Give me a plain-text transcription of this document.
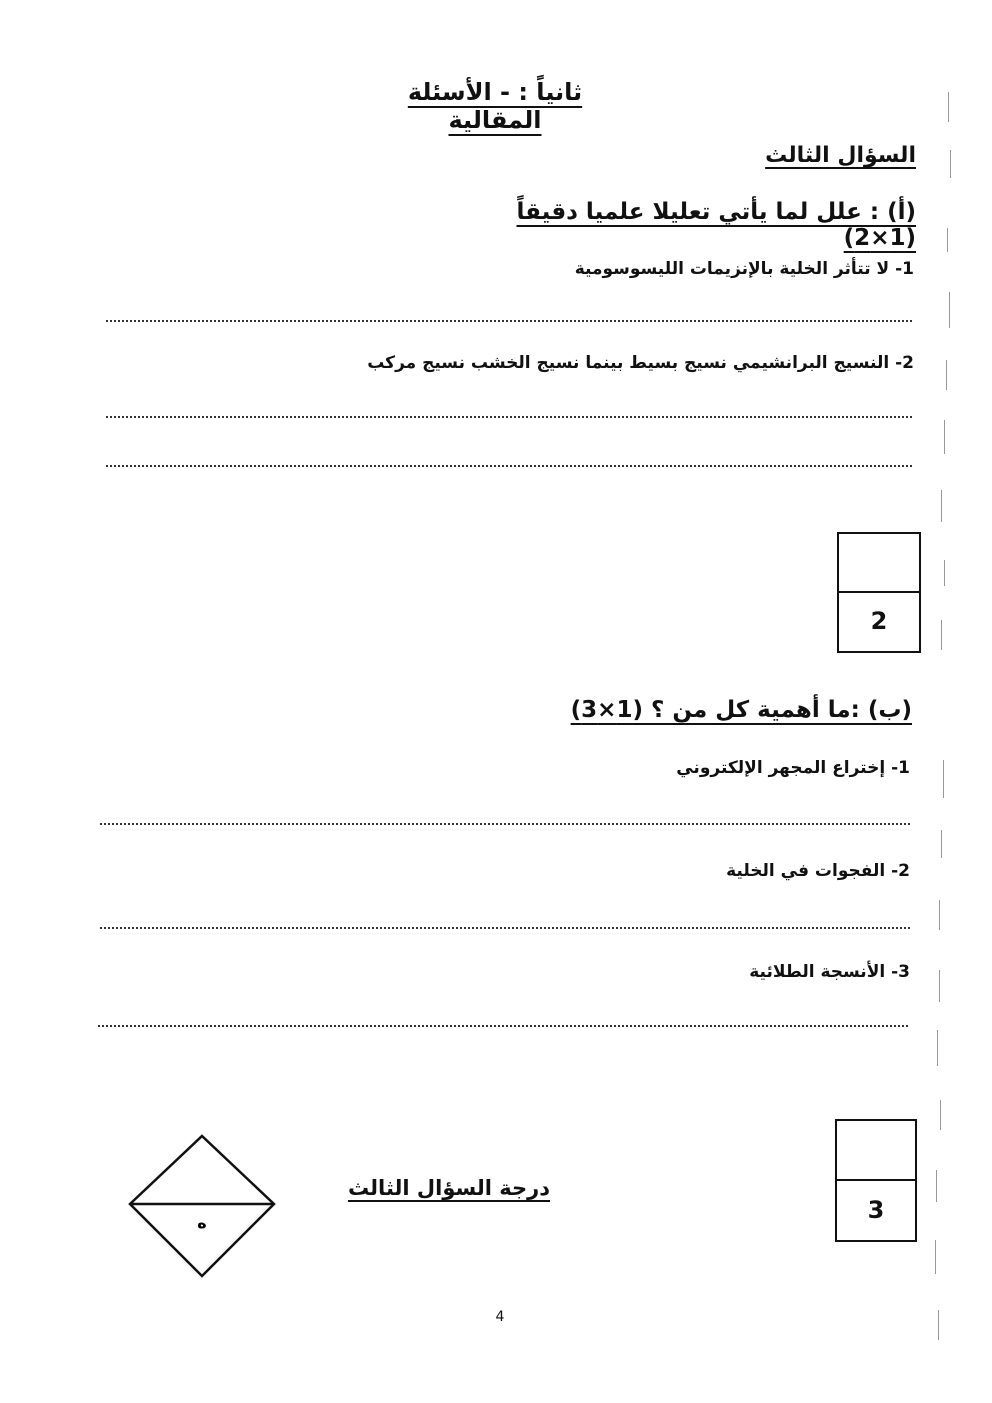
ثانياً : - الأسئلة المقالية
السؤال الثالث
(أ) : علل لما يأتي تعليلا علميا دقيقاً (1×2)
1- لا تتأثر الخلية بالإنزيمات الليسوسومية
2- النسيج البرانشيمي نسيج بسيط بينما نسيج الخشب نسيج مركب
2
(ب) :ما أهمية كل من ؟ (1×3)
1- إختراع المجهر الإلكتروني
2- الفجوات في الخلية
3- الأنسجة الطلائية
3
درجة السؤال الثالث
ه
4
